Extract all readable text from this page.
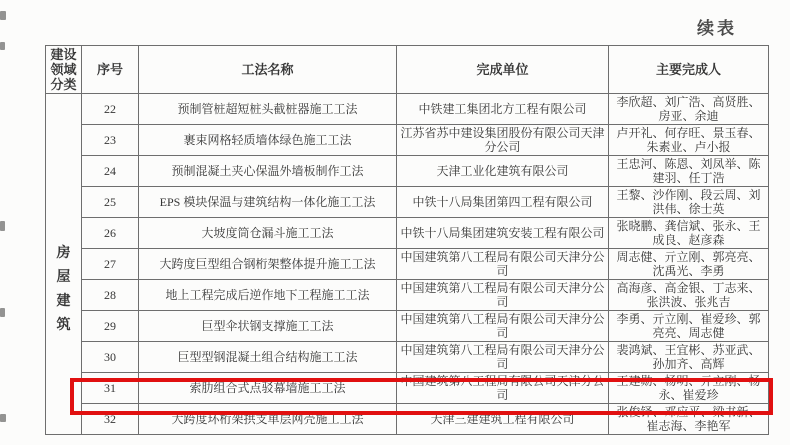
续表
建设领域分类	序号	工法名称	完成单位	主要完成人
房屋建筑	22	预制管桩超短桩头截桩器施工工法	中铁建工集团北方工程有限公司	李欣超、刘广浩、高贤胜、房亚、余迪
	23	裹束网格轻质墙体绿色施工工法	江苏省苏中建设集团股份有限公司天津分公司	卢开礼、何存旺、景玉春、朱素业、卢小报
	24	预制混凝土夹心保温外墙板制作工法	天津工业化建筑有限公司	王忠河、陈恩、刘凤举、陈建羽、任丁浩
	25	EPS 模块保温与建筑结构一体化施工工法	中铁十八局集团第四工程有限公司	王黎、沙作刚、段云周、刘洪伟、徐士英
	26	大坡度筒仓漏斗施工工法	中铁十八局集团建筑安装工程有限公司	张晓鹏、龚信斌、张永、王成良、赵彦森
	27	大跨度巨型组合钢桁架整体提升施工工法	中国建筑第八工程局有限公司天津分公司	周志健、亓立刚、郭亮亮、沈禹光、李勇
	28	地上工程完成后逆作地下工程施工工法	中国建筑第八工程局有限公司天津分公司	高海彦、高金银、丁志来、张洪波、张兆吉
	29	巨型伞状钢支撑施工工法	中国建筑第八工程局有限公司天津分公司	李勇、亓立刚、崔爱珍、郭亮亮、周志健
	30	巨型型钢混凝土组合结构施工工法	中国建筑第八工程局有限公司天津分公司	裴鸿斌、王宜彬、苏亚武、孙加齐、高辉
	31	索肋组合式点驳幕墙施工工法	中国建筑第八工程局有限公司天津分公司	王建勋、杨明、亓立刚、杨永、崔爱珍
	32	大跨度环桁架拱支单层网壳施工工法	天津三建建筑工程有限公司	张俊铎、邓应平、梁书新、崔志海、李艳军
